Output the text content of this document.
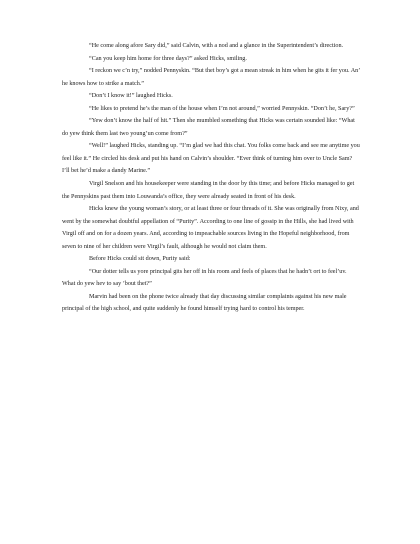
“He come along afore Sary did,” said Calvin, with a nod and a glance in the Superintendent’s direction.

“Can you keep him home for three days?” asked Hicks, smiling.

“I reckon we c’n try,” nodded Pennyskin. “But thet boy’s got a mean streak in him when he gits it fer you. An’ he knows how to strike a match.”

“Don’t I know it!” laughed Hicks.

“He likes to pretend he’s the man of the house when I’m not around,” worried Pennyskin. “Don’t he, Sary?”

“Yew don’t know the half of hit.” Then she mumbled something that Hicks was certain sounded like: “What do yew think them last two young’un come from?”

“Well!” laughed Hicks, standing up. “I’m glad we had this chat. You folks come back and see me anytime you feel like it.” He circled his desk and put his hand on Calvin’s shoulder. “Ever think of turning him over to Uncle Sam? I’ll bet he’d make a dandy Marine.”

Virgil Snelson and his housekeeper were standing in the door by this time; and before Hicks managed to get the Pennyskins past them into Louwanda’s office, they were already seated in front of his desk.

Hicks knew the young woman’s story, or at least three or four threads of it. She was originally from Nixy, and went by the somewhat doubtful appellation of “Purity”. According to one line of gossip in the Hills, she had lived with Virgil off and on for a dozen years. And, according to impeachable sources living in the Hopeful neighborhood, from seven to nine of her children were Virgil’s fault, although he would not claim them.

Before Hicks could sit down, Purity said:

“Our dotter tells us yore principal gits her off in his room and feels of places that he hadn’t ort to feel’uv. What do yew hev to say ’bout thet?”

Marvin had been on the phone twice already that day discussing similar complaints against his new male principal of the high school, and quite suddenly he found himself trying hard to control his temper.
